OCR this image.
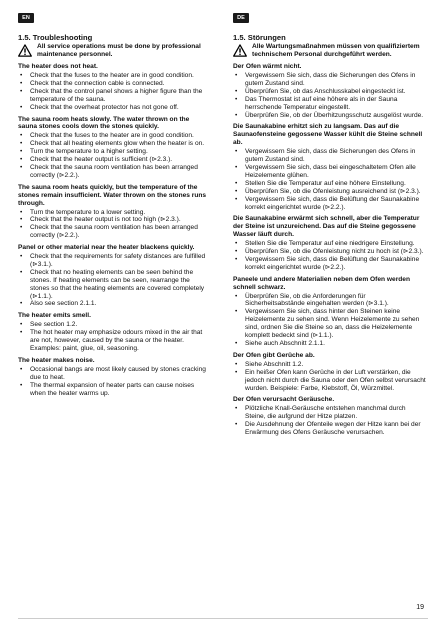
EN	DE
1.5. Troubleshooting
All service operations must be done by professional maintenance personnel.
The heater does not heat.
• Check that the fuses to the heater are in good condition.
• Check that the connection cable is connected.
• Check that the control panel shows a higher figure than the temperature of the sauna.
• Check that the overheat protector has not gone off.
The sauna room heats slowly. The water thrown on the sauna stones cools down the stones quickly.
• Check that the fuses to the heater are in good condition.
• Check that all heating elements glow when the heater is on.
• Turn the temperature to a higher setting.
• Check that the heater output is sufficient (⊳2.3.).
• Check that the sauna room ventilation has been arranged correctly (⊳2.2.).
The sauna room heats quickly, but the temperature of the stones remain insufficient. Water thrown on the stones runs through.
• Turn the temperature to a lower setting.
• Check that the heater output is not too high (⊳2.3.).
• Check that the sauna room ventilation has been arranged correctly (⊳2.2.).
Panel or other material near the heater blackens quickly.
• Check that the requirements for safety distances are fulfilled (⊳3.1.).
• Check that no heating elements can be seen behind the stones. If heating elements can be seen, rearrange the stones so that the heating elements are covered completely (⊳1.1.).
• Also see section 2.1.1.
The heater emits smell.
• See section 1.2.
• The hot heater may emphasize odours mixed in the air that are not, however, caused by the sauna or the heater. Examples: paint, glue, oil, seasoning.
The heater makes noise.
• Occasional bangs are most likely caused by stones cracking due to heat.
• The thermal expansion of heater parts can cause noises when the heater warms up.
1.5. Störungen
Alle Wartungsmaßnahmen müssen von qualifiziertem technischem Personal durchgeführt werden.
Der Ofen wärmt nicht.
• Vergewissern Sie sich, dass die Sicherungen des Ofens in gutem Zustand sind.
• Überprüfen Sie, ob das Anschlusskabel eingesteckt ist.
• Das Thermostat ist auf eine höhere als in der Sauna herrschende Temperatur eingestellt.
• Überprüfen Sie, ob der Überhitzungsschutz ausgelöst wurde.
Die Saunakabine erhitzt sich zu langsam. Das auf die Saunaofensteine gegossene Wasser kühlt die Steine schnell ab.
• Vergewissern Sie sich, dass die Sicherungen des Ofens in gutem Zustand sind.
• Vergewissern Sie sich, dass bei eingeschaltetem Ofen alle Heizelemente glühen.
• Stellen Sie die Temperatur auf eine höhere Einstellung.
• Überprüfen Sie, ob die Ofenleistung ausreichend ist (⊳2.3.).
• Vergewissern Sie sich, dass die Belüftung der Saunakabine korrekt eingerichtet wurde (⊳2.2.).
Die Saunakabine erwärmt sich schnell, aber die Temperatur der Steine ist unzureichend. Das auf die Steine gegossene Wasser läuft durch.
• Stellen Sie die Temperatur auf eine niedrigere Einstellung.
• Überprüfen Sie, ob die Ofenleistung nicht zu hoch ist (⊳2.3.).
• Vergewissern Sie sich, dass die Belüftung der Saunakabine korrekt eingerichtet wurde (⊳2.2.).
Paneele und andere Materialien neben dem Ofen werden schnell schwarz.
• Überprüfen Sie, ob die Anforderungen für Sicherheitsabstände eingehalten werden (⊳3.1.).
• Vergewissern Sie sich, dass hinter den Steinen keine Heizelemente zu sehen sind. Wenn Heizelemente zu sehen sind, ordnen Sie die Steine so an, dass die Heizelemente komplett bedeckt sind (⊳1.1.).
• Siehe auch Abschnitt 2.1.1.
Der Ofen gibt Gerüche ab.
• Siehe Abschnitt 1.2.
• Ein heißer Ofen kann Gerüche in der Luft verstärken, die jedoch nicht durch die Sauna oder den Ofen selbst verursacht wurden. Beispiele: Farbe, Klebstoff, Öl, Würzmittel.
Der Ofen verursacht Geräusche.
• Plötzliche Knall-Geräusche entstehen manchmal durch Steine, die aufgrund der Hitze platzen.
• Die Ausdehnung der Ofenteile wegen der Hitze kann bei der Erwärmung des Ofens Geräusche verursachen.
19
